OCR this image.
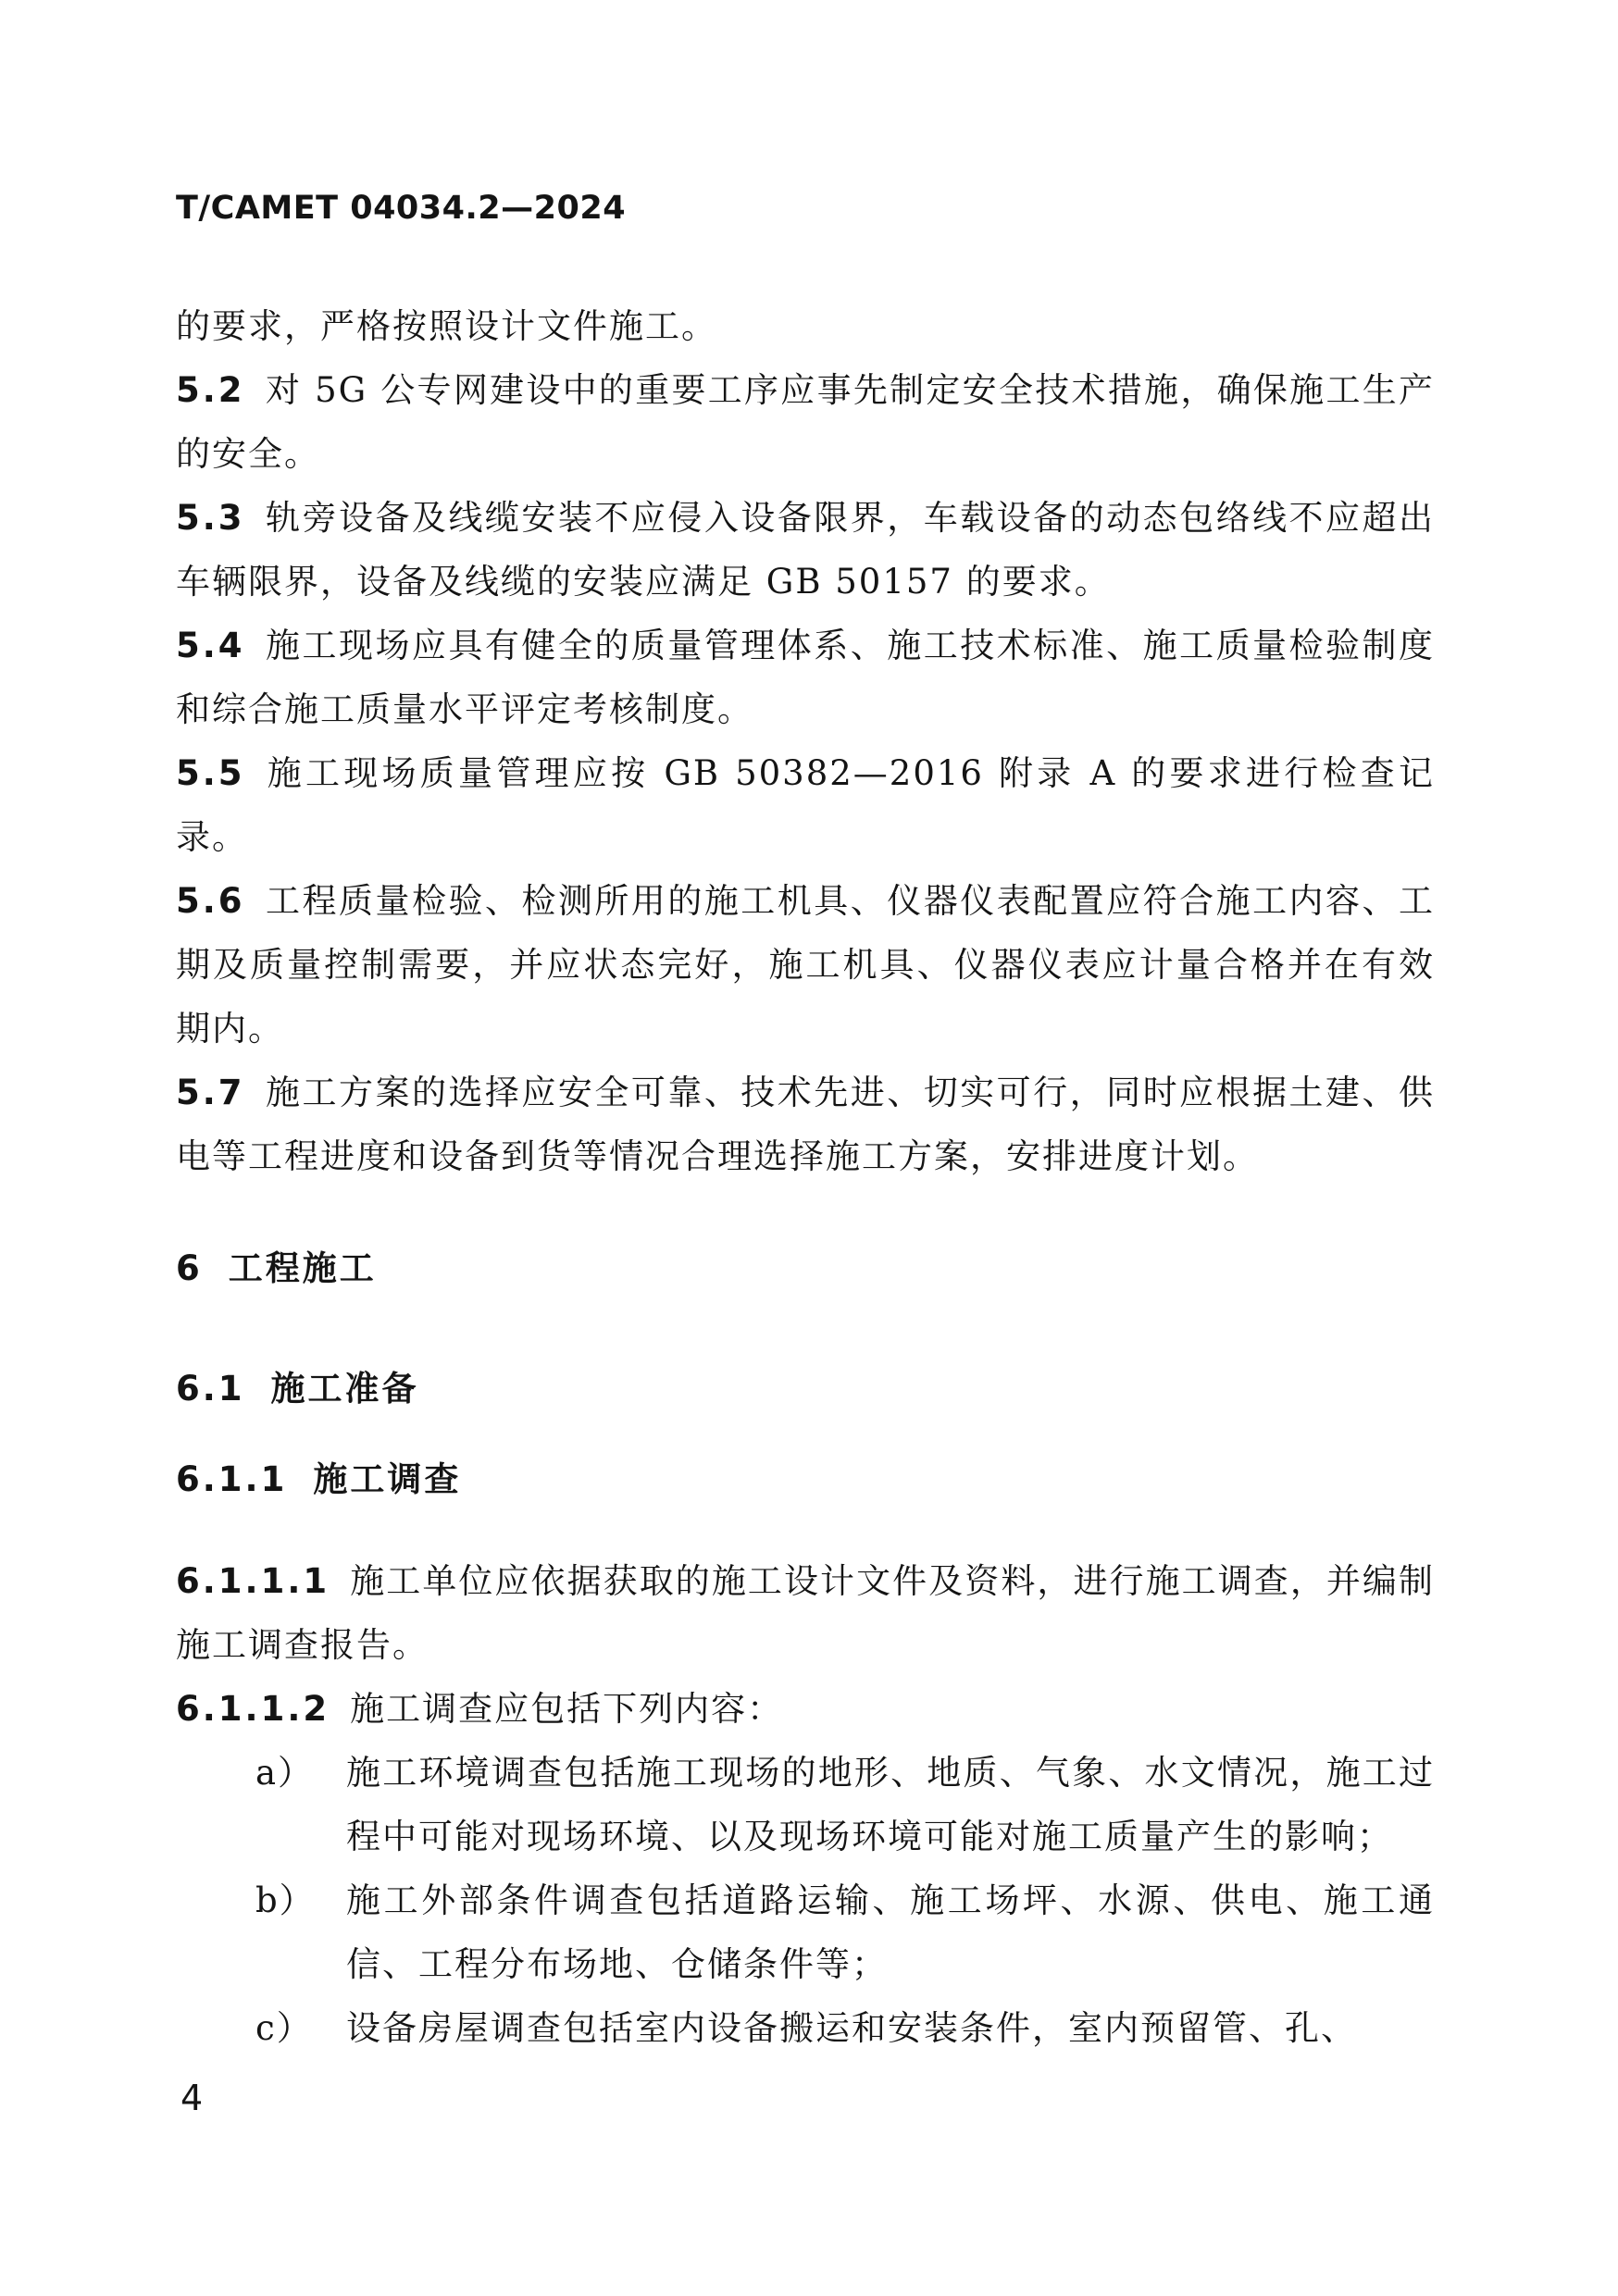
T/CAMET 04034.2—2024

的要求，严格按照设计文件施工。

5.2 对 5G 公专网建设中的重要工序应事先制定安全技术措施，确保施工生产的安全。

5.3 轨旁设备及线缆安装不应侵入设备限界，车载设备的动态包络线不应超出车辆限界，设备及线缆的安装应满足 GB 50157 的要求。

5.4 施工现场应具有健全的质量管理体系、施工技术标准、施工质量检验制度和综合施工质量水平评定考核制度。

5.5 施工现场质量管理应按 GB 50382—2016 附录 A 的要求进行检查记录。

5.6 工程质量检验、检测所用的施工机具、仪器仪表配置应符合施工内容、工期及质量控制需要，并应状态完好，施工机具、仪器仪表应计量合格并在有效期内。

5.7 施工方案的选择应安全可靠、技术先进、切实可行，同时应根据土建、供电等工程进度和设备到货等情况合理选择施工方案，安排进度计划。

6 工程施工

6.1 施工准备

6.1.1 施工调查

6.1.1.1 施工单位应依据获取的施工设计文件及资料，进行施工调查，并编制施工调查报告。

6.1.1.2 施工调查应包括下列内容：

a） 施工环境调查包括施工现场的地形、地质、气象、水文情况，施工过程中可能对现场环境、以及现场环境可能对施工质量产生的影响；
b） 施工外部条件调查包括道路运输、施工场坪、水源、供电、施工通信、工程分布场地、仓储条件等；
c） 设备房屋调查包括室内设备搬运和安装条件，室内预留管、孔、
4
